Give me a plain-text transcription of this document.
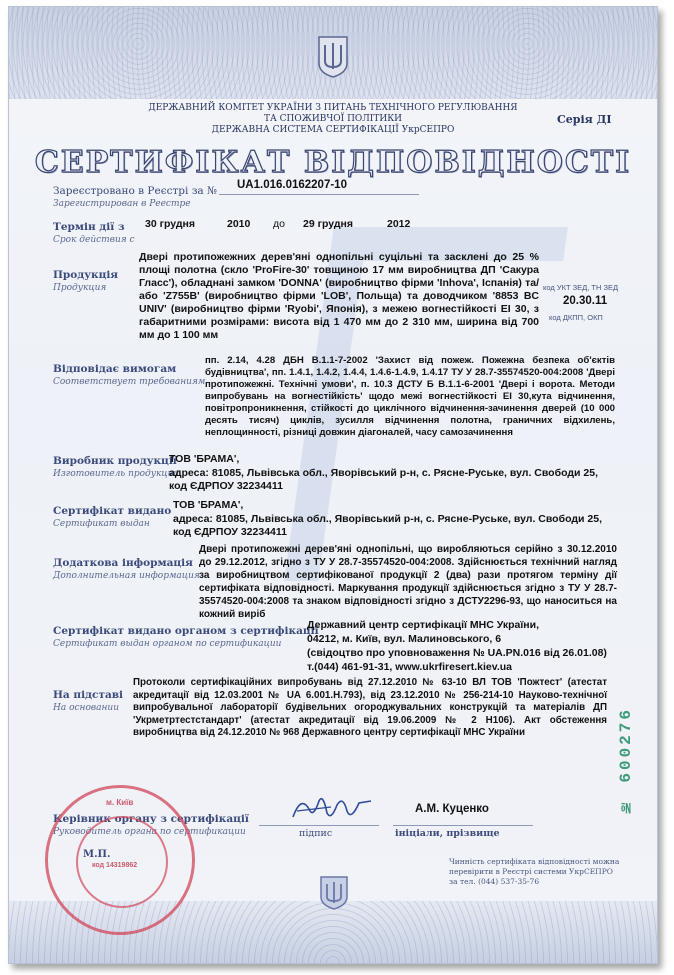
ДЕРЖАВНИЙ КОМІТЕТ УКРАЇНИ З ПИТАНЬ ТЕХНІЧНОГО РЕГУЛЮВАННЯ
ТА СПОЖИВЧОЇ ПОЛІТИКИ
ДЕРЖАВНА СИСТЕМА СЕРТИФІКАЦІЇ УкрСЕПРО
Серія ДІ
СЕРТИФІКАТ ВІДПОВІДНОСТІ
Зареєстровано в Реєстрі за №
Зарегистрирован в Реестре
UA1.016.0162207-10
Термін дії з
Срок действия с
30 грудня	2010 до 29 грудня	2012
Продукція
Продукция
Двері протипожежних дерев'яні однопільні суцільні та засклені до 25 % площі полотна (скло 'ProFire-30' товщиною 17 мм виробництва ДП 'Сакура Гласс'), обладнані замком 'DONNA' (виробництво фірми 'Inhova', Іспанія) та/або 'Z755B' (виробництво фірми 'LOB', Польща) та доводчиком '8853 BC UNIV' (виробництво фірми 'Ryobi', Японія), з межею вогнестійкості ЕІ 30, з габаритними розмірами: висота від 1 470 мм до 2 310 мм, ширина від 700 мм до 1 100 мм
код УКТ ЗЕД, ТН ЗЕД
20.30.11
код ДКПП, ОКП
Відповідає вимогам
Соответствует требованиям
пп. 2.14, 4.28 ДБН В.1.1-7-2002 'Захист від пожеж. Пожежна безпека об'єктів будівництва', пп. 1.4.1, 1.4.2, 1.4.4, 1.4.6-1.4.9, 1.4.17 ТУ У 28.7-35574520-004:2008 'Двері протипожежні. Технічні умови', п. 10.3 ДСТУ Б В.1.1-6-2001 'Двері і ворота. Методи випробувань на вогнестійкість' щодо межі вогнестійкості ЕІ 30,кута відчинення, повітропроникнення, стійкості до циклічного відчинення-зачинення дверей (10 000 десять тисяч) циклів, зусилля відчинення полотна, граничних відхилень, неплощинності, різниці довжин діагоналей, часу самозачинення
Виробник продукції
Изготовитель продукции
ТОВ 'БРАМА',
адреса: 81085, Львівська обл., Яворівський р-н, с. Рясне-Руське, вул. Свободи 25, код ЄДРПОУ 32234411
Сертифікат видано
Сертификат выдан
ТОВ 'БРАМА',
адреса: 81085, Львівська обл., Яворівський р-н, с. Рясне-Руське, вул. Свободи 25, код ЄДРПОУ 32234411
Додаткова інформація
Дополнительная информация
Двері протипожежні дерев'яні однопільні, що виробляються серійно з 30.12.2010 до 29.12.2012, згідно з ТУ У 28.7-35574520-004:2008. Здійснюється технічний нагляд за виробництвом сертифікованої продукції 2 (два) рази протягом терміну дії сертифіката відповідності. Маркування продукції здійснюється згідно з ТУ У 28.7-35574520-004:2008 та знаком відповідності згідно з ДСТУ2296-93, що наноситься на кожний виріб
Сертифікат видано органом з сертифікації
Сертификат выдан органом по сертификации
Державний центр сертифікації МНС України,
04212, м. Київ, вул. Малиновського, 6
(свідоцтво про уповноваження № UA.PN.016 від 26.01.08)
т.(044) 461-91-31, www.ukrfiresert.kiev.ua
На підставі
На основании
Протоколи сертифікаційних випробувань від 27.12.2010 № 63-10 ВЛ ТОВ 'Пожтест' (атестат акредитації від 12.03.2001 № UA 6.001.Н.793), від 23.12.2010 № 256-214-10 Науково-технічної випробувальної лабораторії будівельних огороджувальних конструкцій та матеріалів ДП 'Укрметртестстандарт' (атестат акредитації від 19.06.2009 № 2 Н106). Акт обстеження виробництва від 24.12.2010 № 968 Державного центру сертифікації МНС України	№ 600276
Керівник органу з сертифікації
Руководитель органа по сертификации	підпис
А.М. Куценко
ініціали, прізвище
М.П.
м. Київ
код 14319862	Чинність сертифіката відповідності можна
перевірити в Реєстрі системи УкрСЕПРО
за тел. (044) 537-35-76
